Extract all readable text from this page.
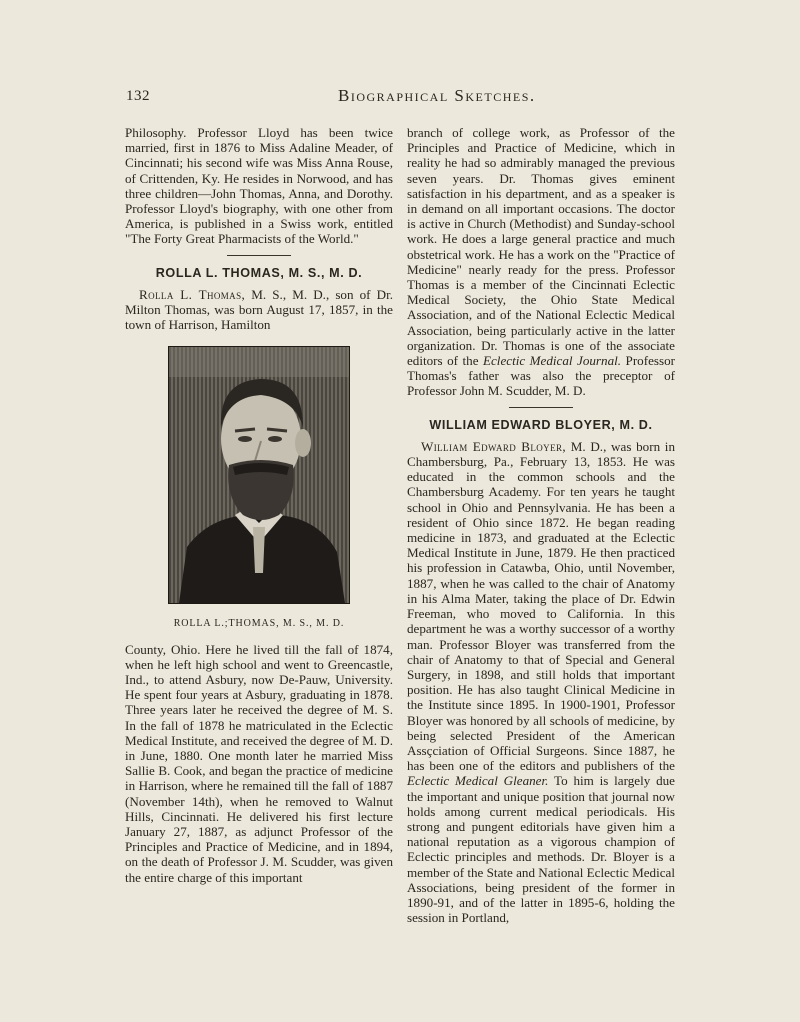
132	Biographical Sketches.

Philosophy. Professor Lloyd has been twice married, first in 1876 to Miss Adaline Meader, of Cincinnati; his second wife was Miss Anna Rouse, of Crittenden, Ky. He resides in Norwood, and has three children—John Thomas, Anna, and Dorothy. Professor Lloyd's biography, with one other from America, is published in a Swiss work, entitled "The Forty Great Pharmacists of the World."

ROLLA L. THOMAS, M. S., M. D.

Rolla L. Thomas, M. S., M. D., son of Dr. Milton Thomas, was born August 17, 1857, in the town of Harrison, Hamilton

ROLLA L.;THOMAS, M. S., M. D.

County, Ohio. Here he lived till the fall of 1874, when he left high school and went to Greencastle, Ind., to attend Asbury, now De-Pauw, University. He spent four years at Asbury, graduating in 1878. Three years later he received the degree of M. S. In the fall of 1878 he matriculated in the Eclectic Medical Institute, and received the degree of M. D. in June, 1880. One month later he married Miss Sallie B. Cook, and began the practice of medicine in Harrison, where he remained till the fall of 1887 (November 14th), when he removed to Walnut Hills, Cincinnati. He delivered his first lecture January 27, 1887, as adjunct Professor of the Principles and Practice of Medicine, and in 1894, on the death of Professor J. M. Scudder, was given the entire charge of this important

branch of college work, as Professor of the Principles and Practice of Medicine, which in reality he had so admirably managed the previous seven years. Dr. Thomas gives eminent satisfaction in his department, and as a speaker is in demand on all important occasions. The doctor is active in Church (Methodist) and Sunday-school work. He does a large general practice and much obstetrical work. He has a work on the "Practice of Medicine" nearly ready for the press. Professor Thomas is a member of the Cincinnati Eclectic Medical Society, the Ohio State Medical Association, and of the National Eclectic Medical Association, being particularly active in the latter organization. Dr. Thomas is one of the associate editors of the Eclectic Medical Journal. Professor Thomas's father was also the preceptor of Professor John M. Scudder, M. D.

WILLIAM EDWARD BLOYER, M. D.

William Edward Bloyer, M. D., was born in Chambersburg, Pa., February 13, 1853. He was educated in the common schools and the Chambersburg Academy. For ten years he taught school in Ohio and Pennsylvania. He has been a resident of Ohio since 1872. He began reading medicine in 1873, and graduated at the Eclectic Medical Institute in June, 1879. He then practiced his profession in Catawba, Ohio, until November, 1887, when he was called to the chair of Anatomy in his Alma Mater, taking the place of Dr. Edwin Freeman, who moved to California. In this department he was a worthy successor of a worthy man. Professor Bloyer was transferred from the chair of Anatomy to that of Special and General Surgery, in 1898, and still holds that important position. He has also taught Clinical Medicine in the Institute since 1895. In 1900-1901, Professor Bloyer was honored by all schools of medicine, by being selected President of the American Assçciation of Official Surgeons. Since 1887, he has been one of the editors and publishers of the Eclectic Medical Gleaner. To him is largely due the important and unique position that journal now holds among current medical periodicals. His strong and pungent editorials have given him a national reputation as a vigorous champion of Eclectic principles and methods. Dr. Bloyer is a member of the State and National Eclectic Medical Associations, being president of the former in 1890-91, and of the latter in 1895-6, holding the session in Portland,
